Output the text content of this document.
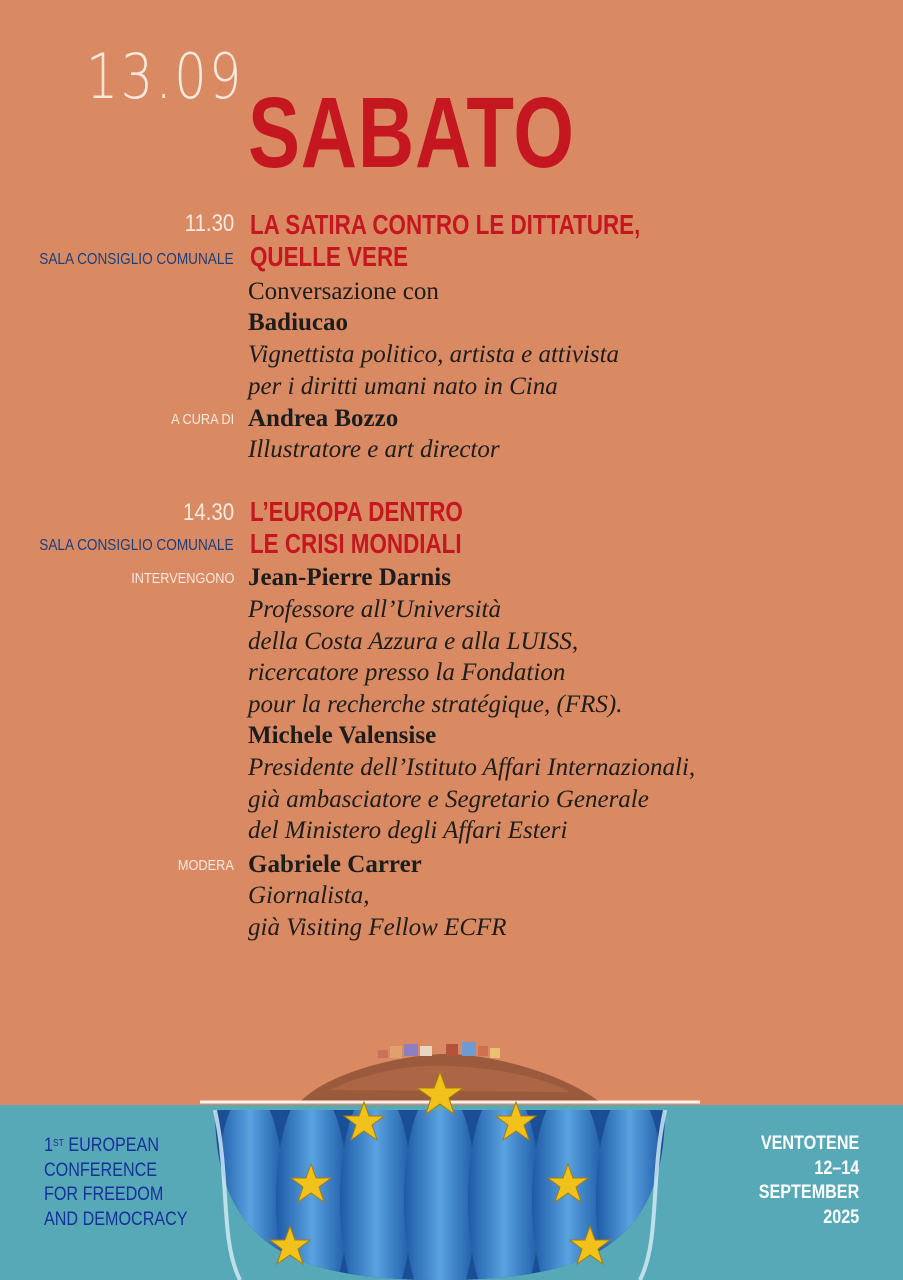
13.09
SABATO
11.30
SALA CONSIGLIO COMUNALE
LA SATIRA CONTRO LE DITTATURE,
QUELLE VERE
Conversazione con
Badiucao
Vignettista politico, artista e attivista
per i diritti umani nato in Cina
A CURA DI Andrea Bozzo
Illustratore e art director
14.30
SALA CONSIGLIO COMUNALE
L’EUROPA DENTRO
LE CRISI MONDIALI
INTERVENGONO Jean-Pierre Darnis
Professore all’Università
della Costa Azzura e alla LUISS,
ricercatore presso la Fondation
pour la recherche stratégique, (FRS).
Michele Valensise
Presidente dell’Istituto Affari Internazionali,
già ambasciatore e Segretario Generale
del Ministero degli Affari Esteri
MODERA Gabriele Carrer
Giornalista,
già Visiting Fellow ECFR
1ST EUROPEAN
CONFERENCE
FOR FREEDOM
AND DEMOCRACY
VENTOTENE
12–14
SEPTEMBER
2025
